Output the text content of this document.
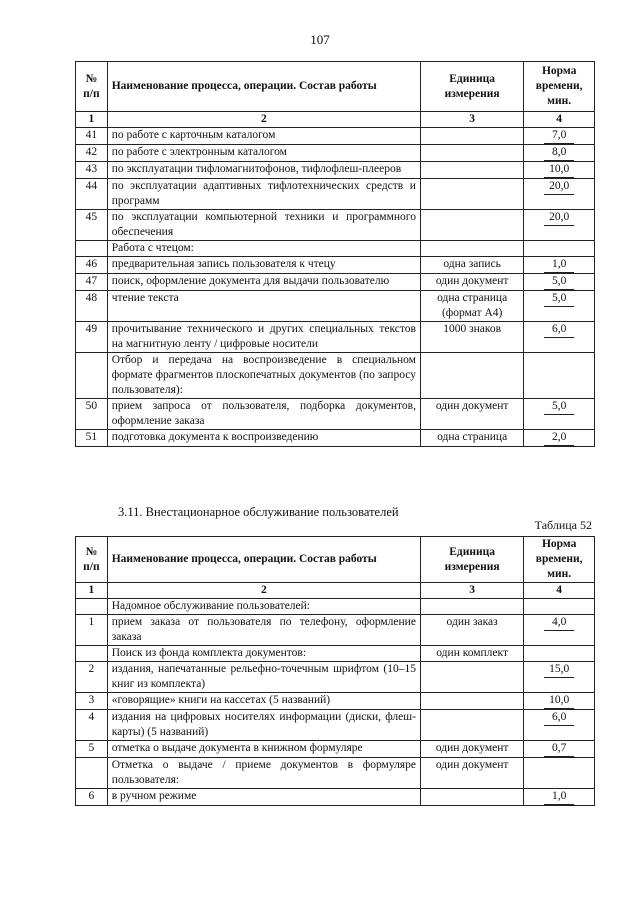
107
№ п/п	Наименование процесса, операции. Состав работы	Единица измерения	Норма времени, мин.
1	2	3	4
41	по работе с карточным каталогом		7,0
42	по работе с электронным каталогом		8,0
43	по эксплуатации тифломагнитофонов, тифлофлеш-плееров		10,0
44	по эксплуатации адаптивных тифлотехнических средств и программ		20,0
45	по эксплуатации компьютерной техники и программного обеспечения		20,0
	Работа с чтецом:		
46	предварительная запись пользователя к чтецу	одна запись	1,0
47	поиск, оформление документа для выдачи пользователю	один документ	5,0
48	чтение текста	одна страница (формат А4)	5,0
49	прочитывание технического и других специальных текстов на магнитную ленту / цифровые носители	1000 знаков	6,0
	Отбор и передача на воспроизведение в специальном формате фрагментов плоскопечатных документов (по запросу пользователя):		
50	прием запроса от пользователя, подборка документов, оформление заказа	один документ	5,0
51	подготовка документа к воспроизведению	одна страница	2,0
3.11. Внестационарное обслуживание пользователей
Таблица 52
№ п/п	Наименование процесса, операции. Состав работы	Единица измерения	Норма времени, мин.
1	2	3	4
	Надомное обслуживание пользователей:		
1	прием заказа от пользователя по телефону, оформление заказа	один заказ	4,0
	Поиск из фонда комплекта документов:	один комплект	
2	издания, напечатанные рельефно-точечным шрифтом (10–15 книг из комплекта)		15,0
3	«говорящие» книги на кассетах (5 названий)		10,0
4	издания на цифровых носителях информации (диски, флеш-карты) (5 названий)		6,0
5	отметка о выдаче документа в книжном формуляре	один документ	0,7
	Отметка о выдаче / приеме документов в формуляре пользователя:	один документ	
6	в ручном режиме		1,0
